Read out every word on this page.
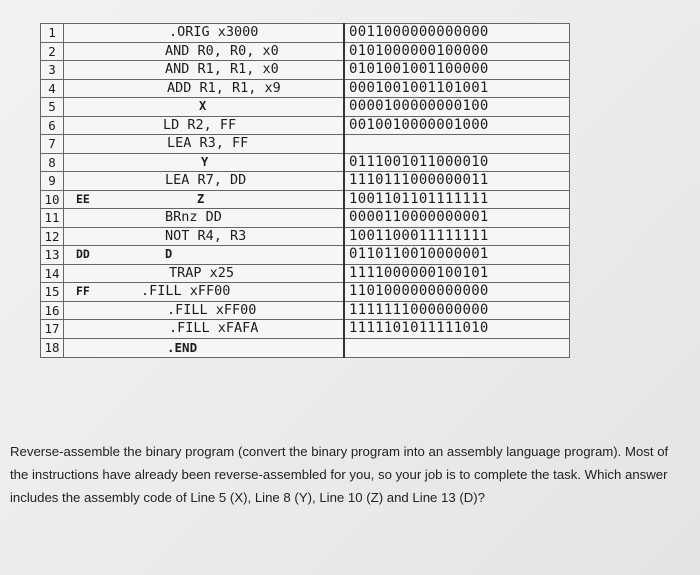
1		.ORIG x3000	0011000000000000
2		AND R0, R0, x0	0101000000100000
3		AND R1, R1, x0	0101001001100000
4		ADD R1, R1, x9	0001001001101001
5		X	0000100000000100
6		LD R2, FF	0010010000001000
7		LEA R3, FF	
8		Y	0111001011000010
9		LEA R7, DD	1110111000000011
10	EE	Z	1001101101111111
11		BRnz DD	0000110000000001
12		NOT R4, R3	1001100011111111
13	DD	D	0110110010000001
14		TRAP x25	1111000000100101
15	FF	.FILL xFF00	1101000000000000
16		.FILL xFF00	1111111000000000
17		.FILL xFAFA	1111101011111010
18		.END	

Reverse-assemble the binary program (convert the binary program into an assembly language program). Most of the instructions have already been reverse-assembled for you, so your job is to complete the task. Which answer includes the assembly code of Line 5 (X), Line 8 (Y), Line 10 (Z) and Line 13 (D)?
